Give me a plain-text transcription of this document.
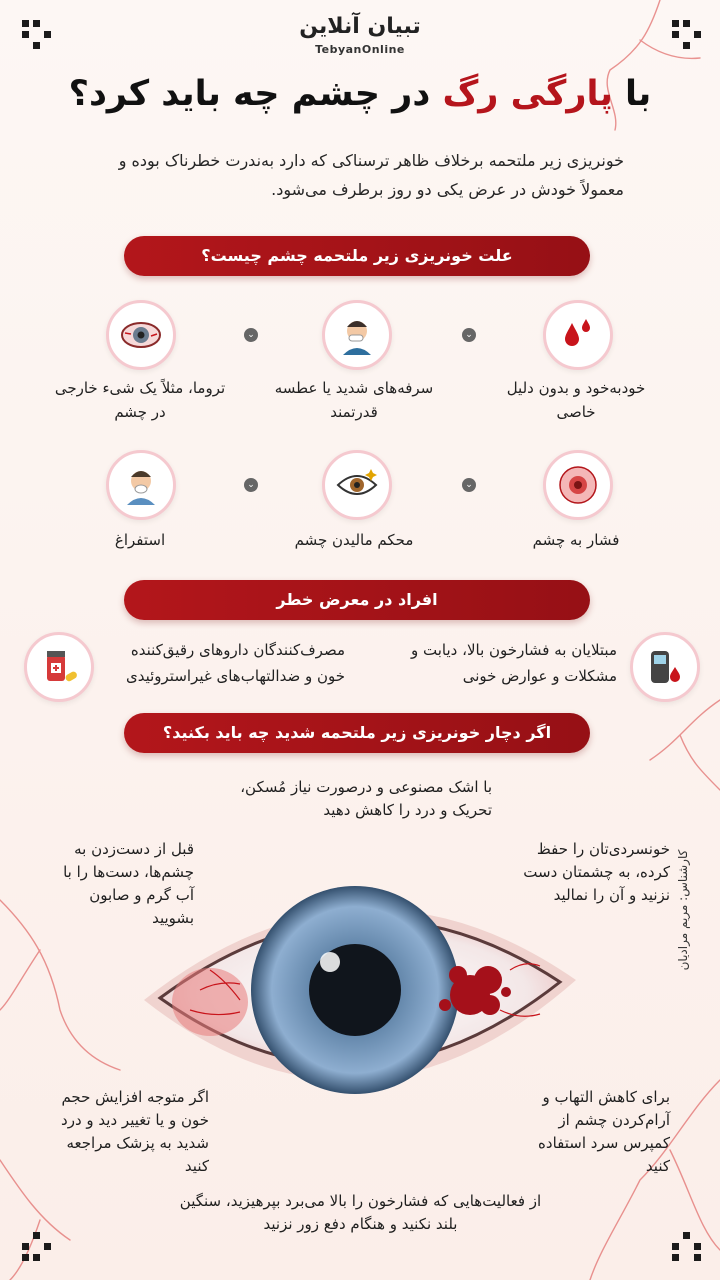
تبیان آنلاین
TebyanOnline
با پارگی رگ در چشم چه باید کرد؟
خونریزی زیر ملتحمه برخلاف ظاهر ترسناکی که دارد به‌ندرت خطرناک بوده و معمولاً خودش در عرض یکی دو روز برطرف می‌شود.
علت خونریزی زیر ملتحمه چشم چیست؟
خودبه‌خود و بدون دلیل خاصی
⌄
سرفه‌های شدید یا عطسه قدرتمند
⌄
تروما، مثلاً یک شیء خارجی در چشم
فشار به چشم
⌄
محکم مالیدن چشم
⌄
استفراغ
افراد در معرض خطر
مبتلایان به فشارخون بالا، دیابت و مشکلات و عوارض خونی
مصرف‌کنندگان داروهای رقیق‌کننده خون و ضدالتهاب‌های غیراستروئیدی
اگر دچار خونریزی زیر ملتحمه شدید چه باید بکنید؟
با اشک مصنوعی و درصورت نیاز مُسکن، تحریک و درد را کاهش دهید
خونسردی‌تان را حفظ کرده، به چشمتان دست نزنید و آن را نمالید
قبل از دست‌زدن به چشم‌ها، دست‌ها را با آب گرم و صابون بشویید
برای کاهش التهاب و آرام‌کردن چشم از کمپرس سرد استفاده کنید
اگر متوجه افزایش حجم خون و یا تغییر دید و درد شدید به پزشک مراجعه کنید
از فعالیت‌هایی که فشارخون را بالا می‌برد بپرهیزید، سنگین بلند نکنید و هنگام دفع زور نزنید
کارشناس: مریم مرادیان
